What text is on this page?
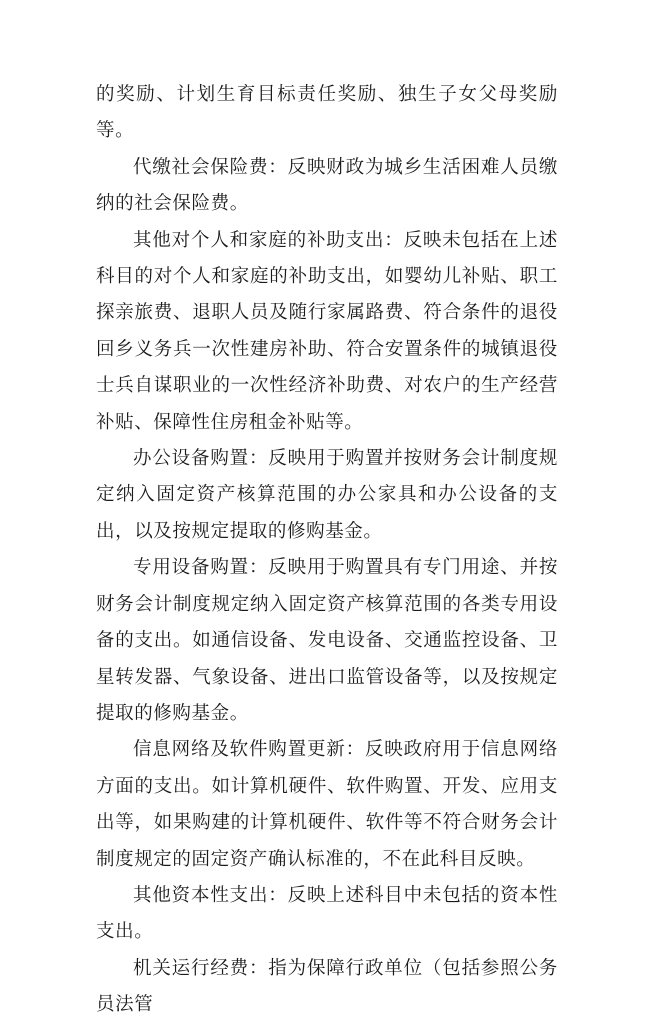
的奖励、计划生育目标责任奖励、独生子女父母奖励等。

代缴社会保险费：反映财政为城乡生活困难人员缴纳的社会保险费。

其他对个人和家庭的补助支出：反映未包括在上述科目的对个人和家庭的补助支出，如婴幼儿补贴、职工探亲旅费、退职人员及随行家属路费、符合条件的退役回乡义务兵一次性建房补助、符合安置条件的城镇退役士兵自谋职业的一次性经济补助费、对农户的生产经营补贴、保障性住房租金补贴等。

办公设备购置：反映用于购置并按财务会计制度规定纳入固定资产核算范围的办公家具和办公设备的支出，以及按规定提取的修购基金。

专用设备购置：反映用于购置具有专门用途、并按财务会计制度规定纳入固定资产核算范围的各类专用设备的支出。如通信设备、发电设备、交通监控设备、卫星转发器、气象设备、进出口监管设备等，以及按规定提取的修购基金。

信息网络及软件购置更新：反映政府用于信息网络方面的支出。如计算机硬件、软件购置、开发、应用支出等，如果购建的计算机硬件、软件等不符合财务会计制度规定的固定资产确认标准的，不在此科目反映。

其他资本性支出：反映上述科目中未包括的资本性支出。

机关运行经费：指为保障行政单位（包括参照公务员法管
